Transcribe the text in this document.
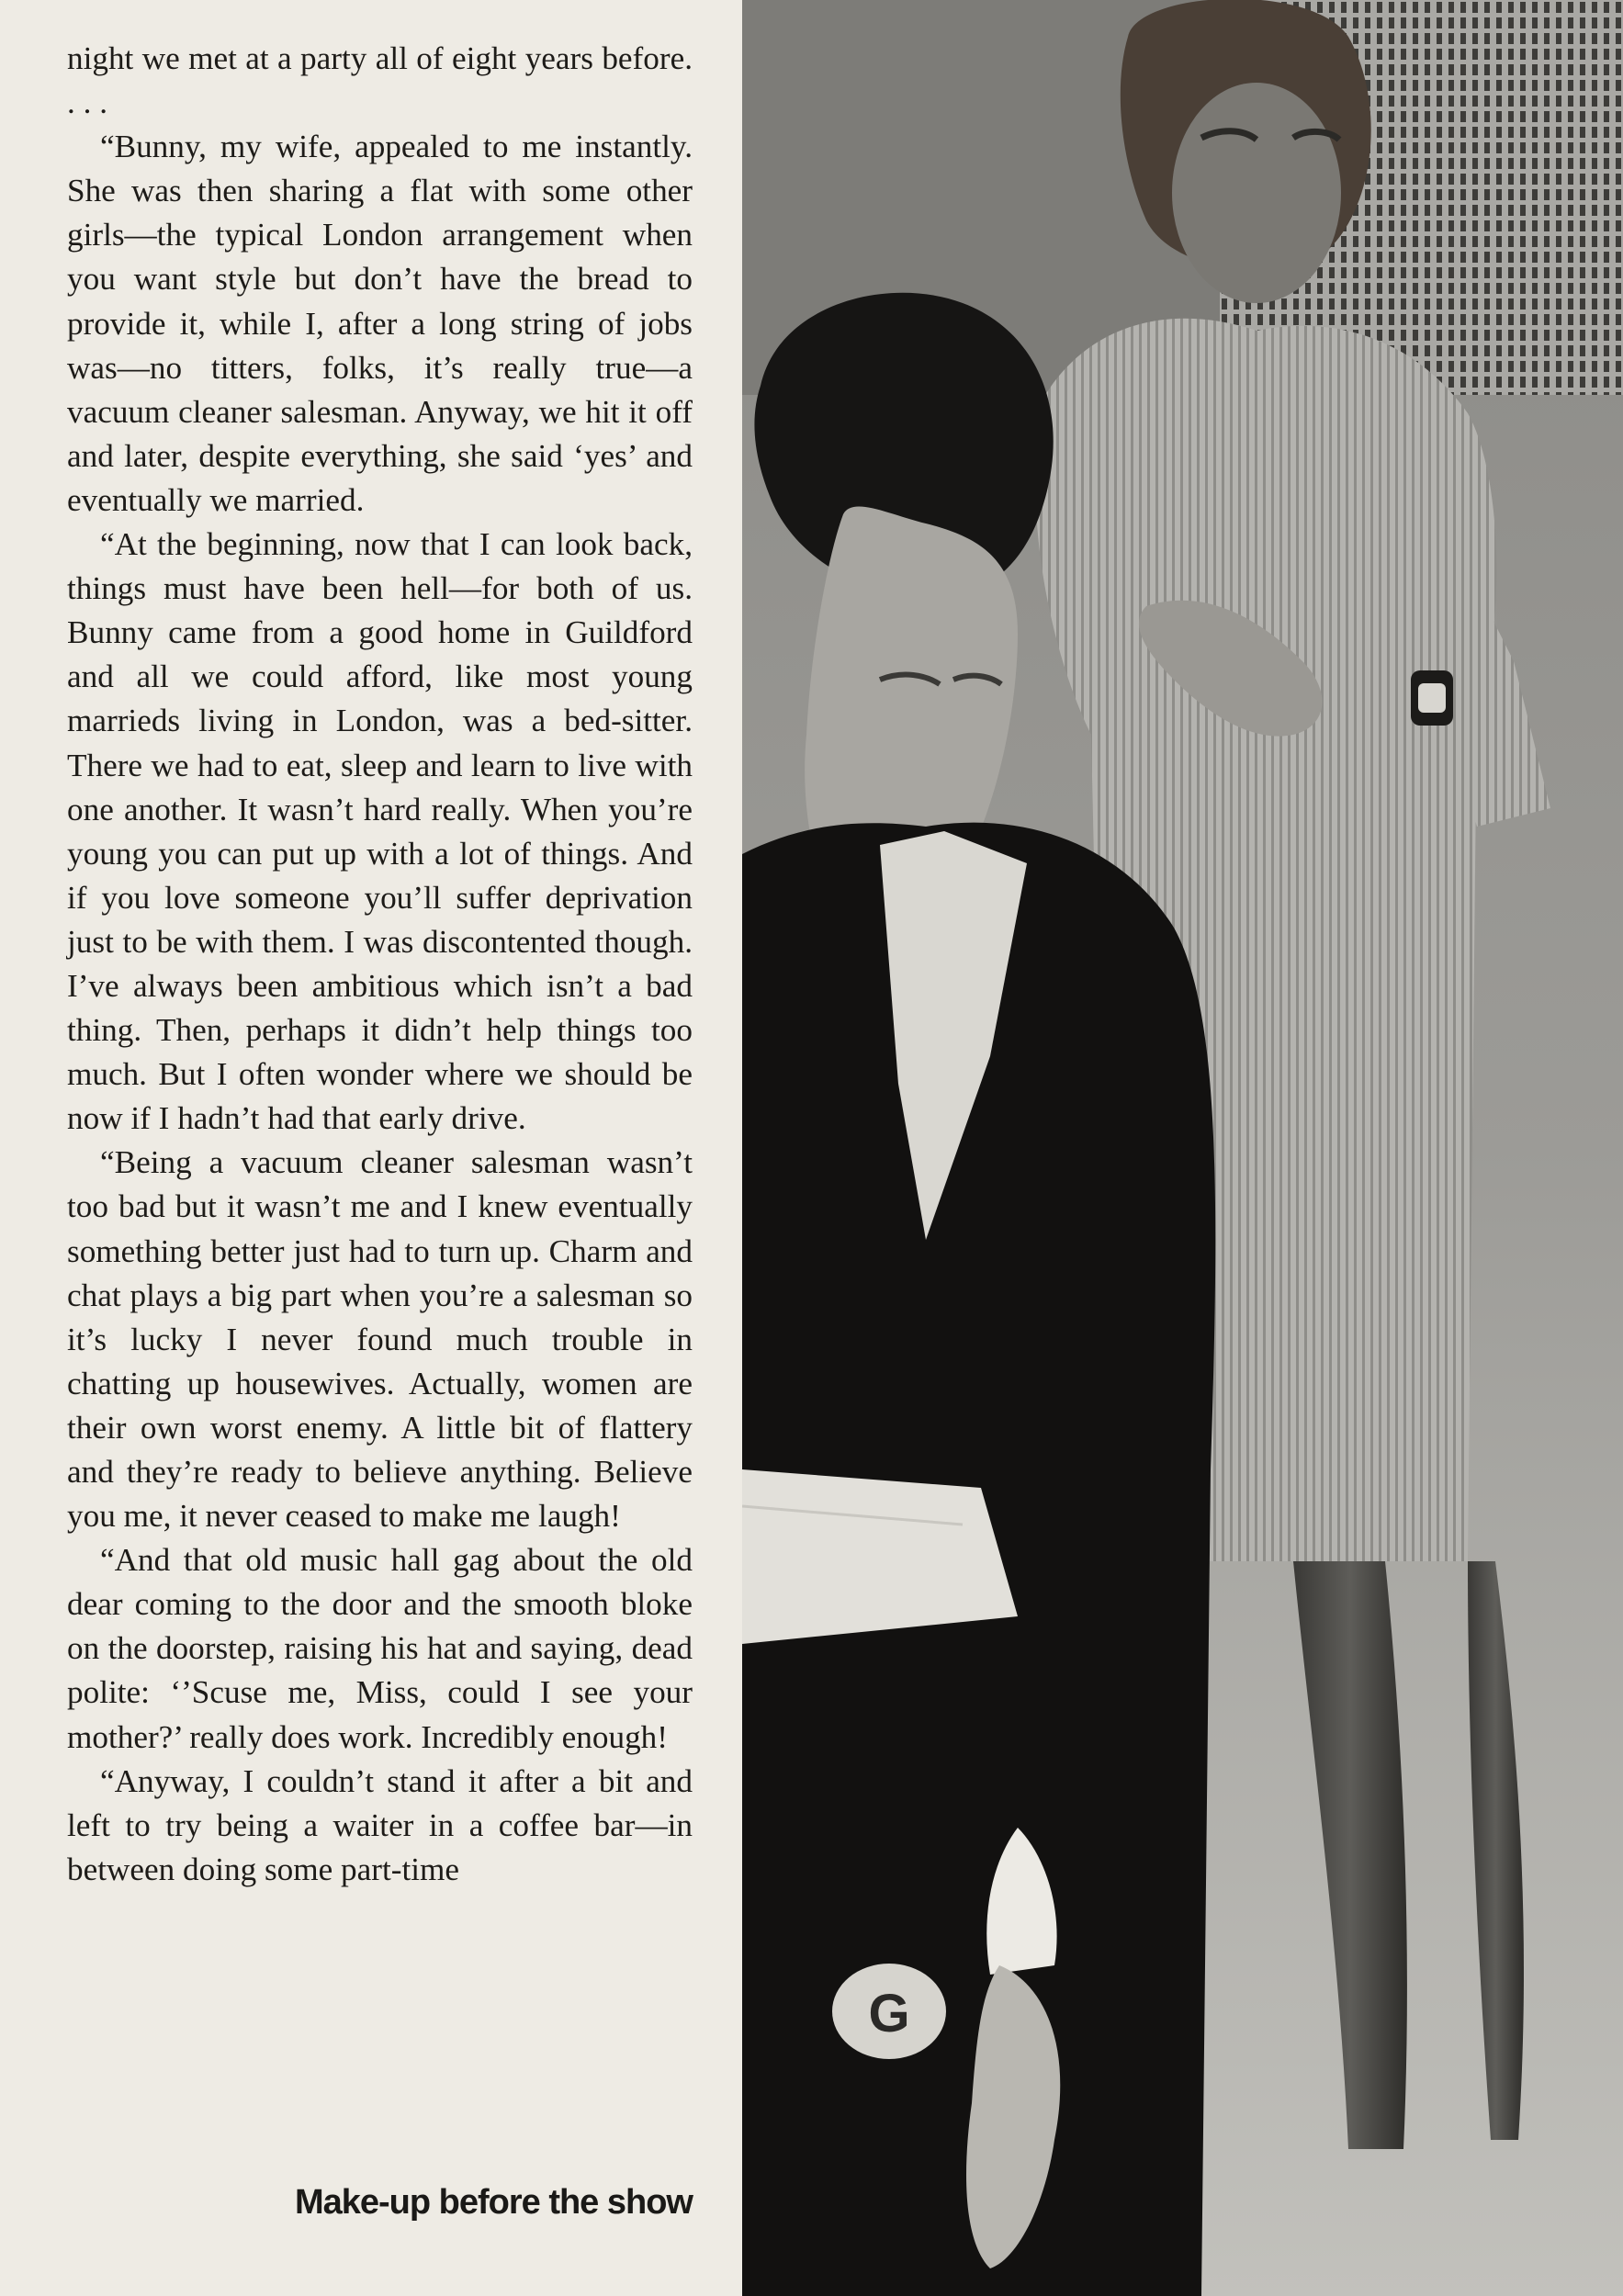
night we met at a party all of eight years before. . . .

“Bunny, my wife, appealed to me instantly. She was then sharing a flat with some other girls—the typical London arrangement when you want style but don’t have the bread to provide it, while I, after a long string of jobs was—no titters, folks, it’s really true—a vacuum cleaner salesman. Anyway, we hit it off and later, despite everything, she said ‘yes’ and eventually we married.

“At the beginning, now that I can look back, things must have been hell—for both of us. Bunny came from a good home in Guildford and all we could afford, like most young marrieds living in London, was a bed-sitter. There we had to eat, sleep and learn to live with one another. It wasn’t hard really. When you’re young you can put up with a lot of things. And if you love someone you’ll suffer deprivation just to be with them. I was discontented though. I’ve always been ambitious which isn’t a bad thing. Then, perhaps it didn’t help things too much. But I often wonder where we should be now if I hadn’t had that early drive.

“Being a vacuum cleaner salesman wasn’t too bad but it wasn’t me and I knew eventually something better just had to turn up. Charm and chat plays a big part when you’re a salesman so it’s lucky I never found much trouble in chatting up housewives. Actually, women are their own worst enemy. A little bit of flattery and they’re ready to believe anything. Believe you me, it never ceased to make me laugh!

“And that old music hall gag about the old dear coming to the door and the smooth bloke on the doorstep, raising his hat and saying, dead polite: ‘’Scuse me, Miss, could I see your mother?’ really does work. Incredibly enough!

“Anyway, I couldn’t stand it after a bit and left to try being a waiter in a coffee bar—in between doing some part-time

Make-up before the show
G
